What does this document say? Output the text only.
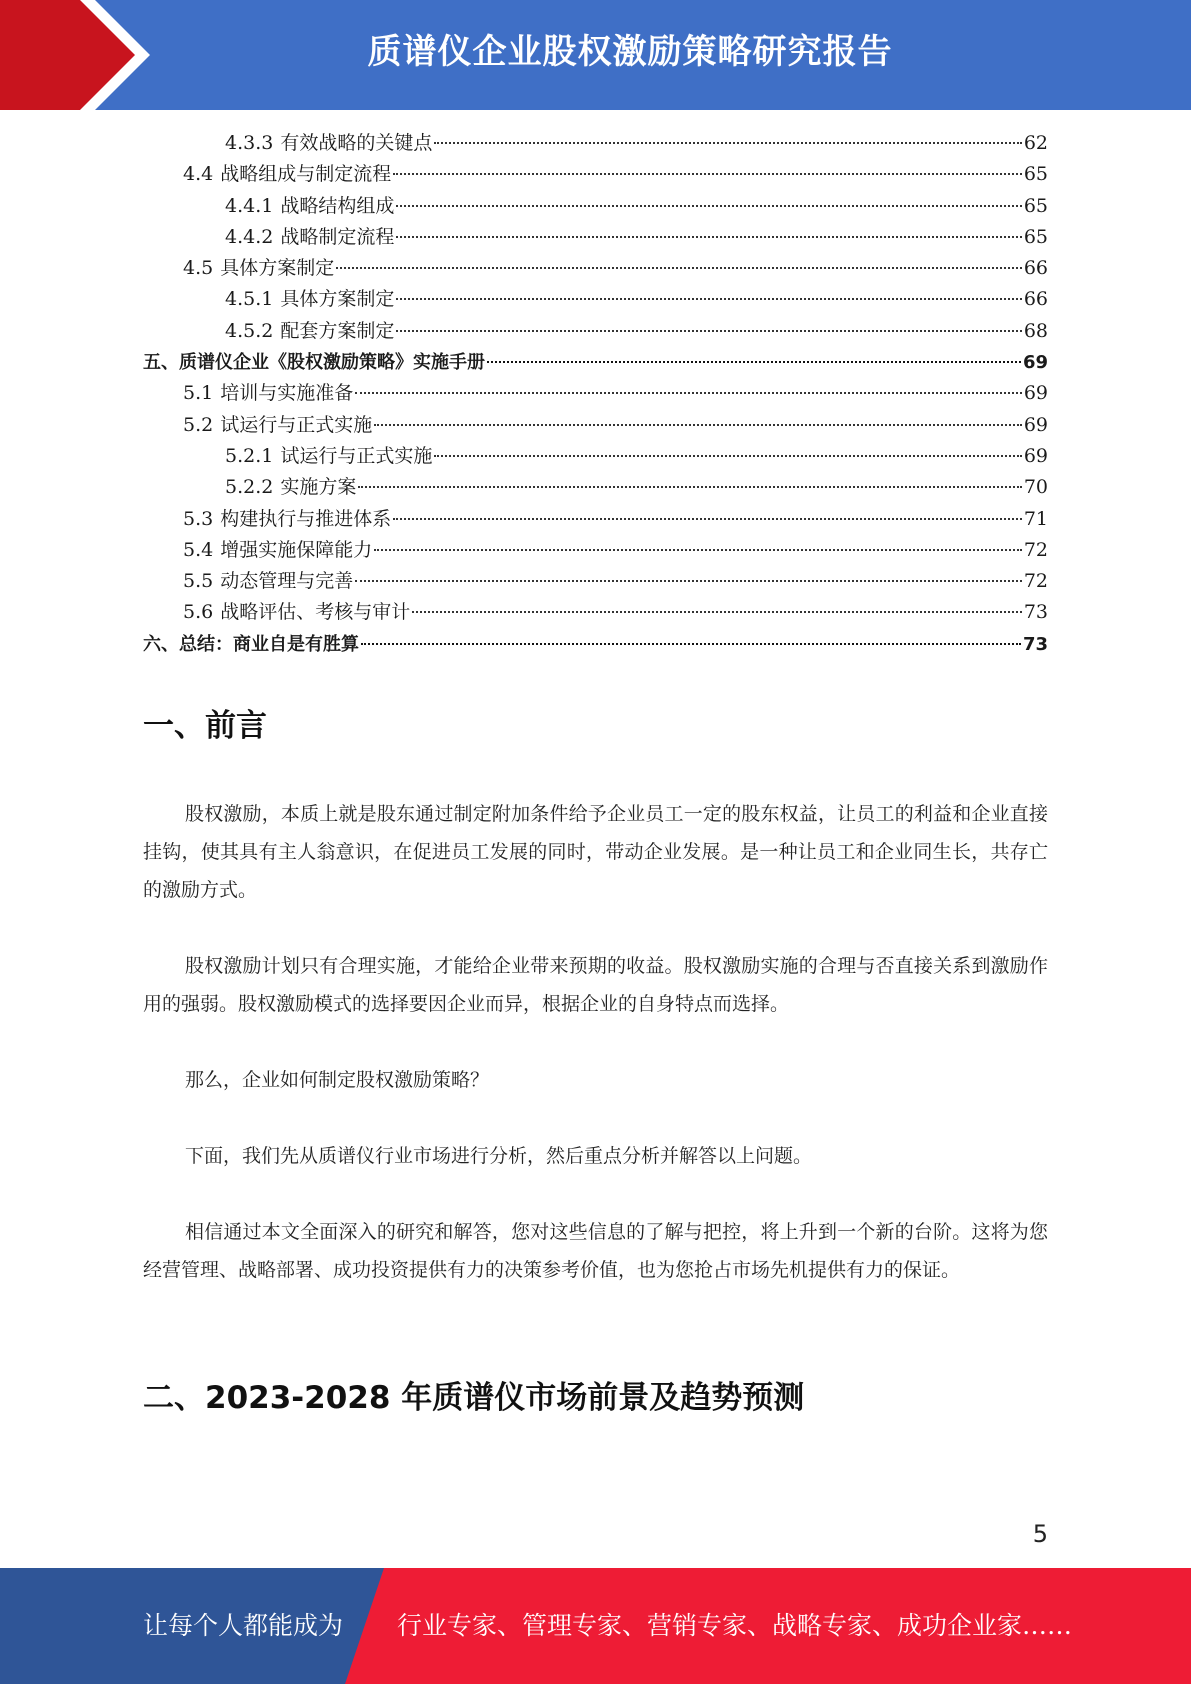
质谱仪企业股权激励策略研究报告
4.3.3 有效战略的关键点	62
4.4 战略组成与制定流程	65
4.4.1 战略结构组成	65
4.4.2 战略制定流程	65
4.5 具体方案制定	66
4.5.1 具体方案制定	66
4.5.2 配套方案制定	68
五、质谱仪企业《股权激励策略》实施手册	69
5.1 培训与实施准备	69
5.2 试运行与正式实施	69
5.2.1 试运行与正式实施	69
5.2.2 实施方案	70
5.3 构建执行与推进体系	71
5.4 增强实施保障能力	72
5.5 动态管理与完善	72
5.6 战略评估、考核与审计	73
六、总结：商业自是有胜算	73
一、前言
股权激励，本质上就是股东通过制定附加条件给予企业员工一定的股东权益，让员工的利益和企业直接挂钩，使其具有主人翁意识，在促进员工发展的同时，带动企业发展。是一种让员工和企业同生长，共存亡的激励方式。
股权激励计划只有合理实施，才能给企业带来预期的收益。股权激励实施的合理与否直接关系到激励作用的强弱。股权激励模式的选择要因企业而异，根据企业的自身特点而选择。
那么，企业如何制定股权激励策略？
下面，我们先从质谱仪行业市场进行分析，然后重点分析并解答以上问题。
相信通过本文全面深入的研究和解答，您对这些信息的了解与把控，将上升到一个新的台阶。这将为您经营管理、战略部署、成功投资提供有力的决策参考价值，也为您抢占市场先机提供有力的保证。
二、2023-2028 年质谱仪市场前景及趋势预测
5
让每个人都能成为 行业专家、管理专家、营销专家、战略专家、成功企业家……
